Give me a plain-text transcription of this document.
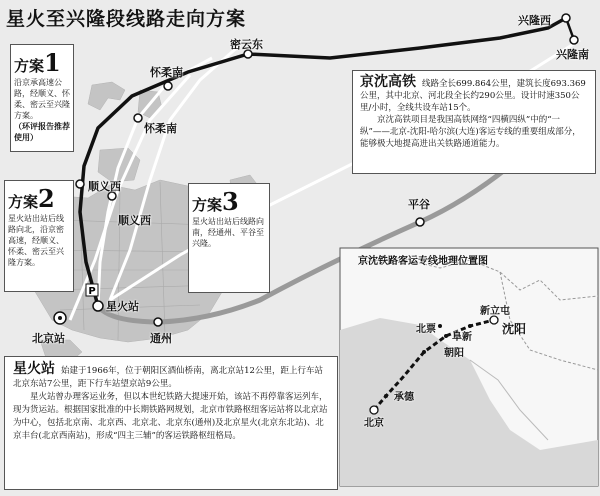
P
星火至兴隆段线路走向方案
方案1
沿京承高速公路，经顺义、怀柔、密云至兴隆方案。
（环评报告推荐使用）
方案2
星火站出站后线路向北，沿京密高速，经顺义、怀柔、密云至兴隆方案。
方案3
星火站出站后线路向南，经通州、平谷至兴隆。
京沈高铁 线路全长699.864公里，建筑长度693.369公里，其中北京、河北段全长约290公里。设计时速350公里/小时，全线共设车站15个。
京沈高铁项目是我国高铁网络“四横四纵”中的“一纵”——北京-沈阳-哈尔滨(大连)客运专线的重要组成部分，能够极大地提高进出关铁路通道能力。
星火站 始建于1966年，位于朝阳区酒仙桥南，离北京站12公里，距上行车站北京东站7公里，距下行车站望京站9公里。
星火站曾办理客运业务，但以本世纪铁路大提速开始，该站不再停靠客运列车，现为货运站。根据国家批准的中长期铁路网规划，北京市铁路枢纽客运站将以北京站为中心，包括北京南、北京西、北京北、北京东(通州)及北京星火(北京东北站)、北京丰台(北京西南站)，形成“四主三辅”的客运铁路枢纽格局。
兴隆西
兴隆南
密云东
怀柔南
怀柔南
顺义西
顺义西
平谷
星火站
通州
北京站
京沈铁路客运专线地理位置图
北京
承德
朝阳
北票
阜新
新立屯
沈阳
